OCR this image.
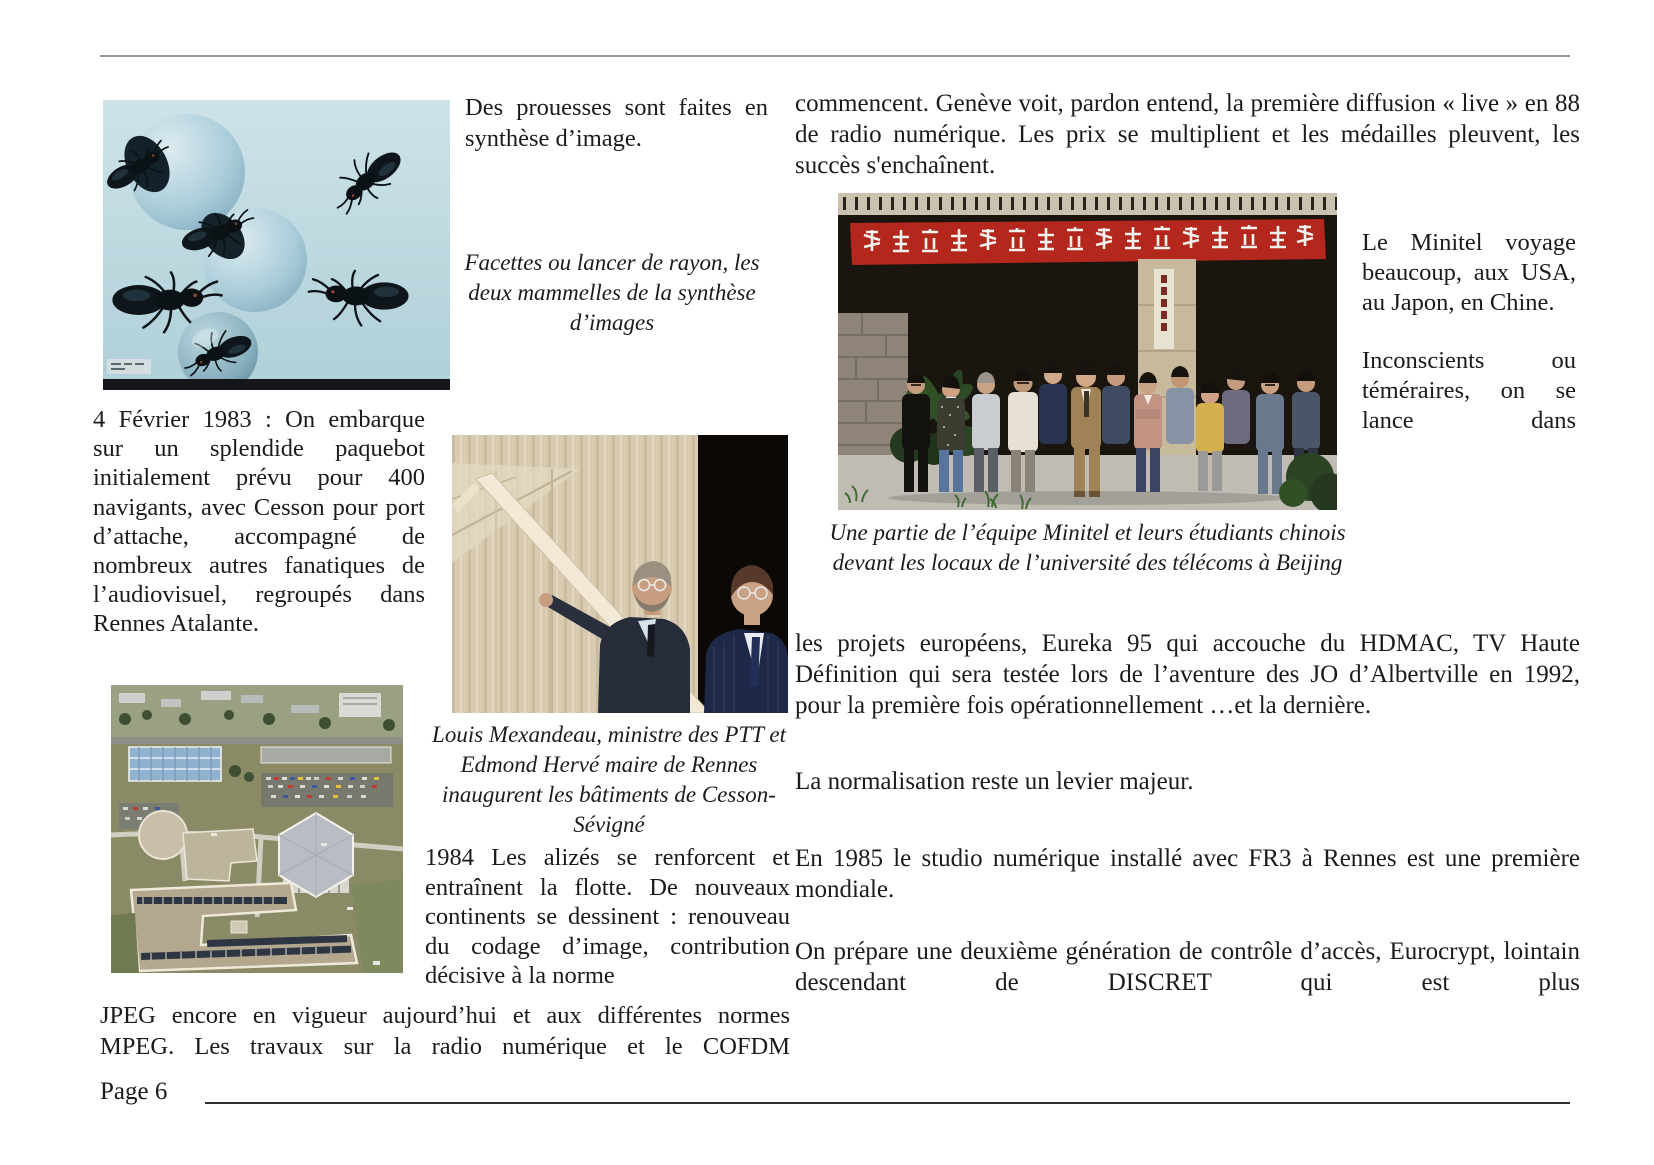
Des prouesses sont faites en synthèse d’image.
Facettes ou lancer de rayon, les deux mammelles de la synthèse d’images
4 Février 1983 : On embarque sur un splendide paquebot initialement prévu pour 400 navigants, avec Cesson pour port d’attache, accompagné de nombreux autres fanatiques de l’audiovisuel, regroupés dans Rennes Atalante.
Louis Mexandeau, ministre des PTT et Edmond Hervé maire de Rennes inaugurent les bâtiments de Cesson-Sévigné
1984 Les alizés se renforcent et entraînent la flotte. De nouveaux continents se dessinent : renouveau du codage d’image, contribution décisive à la norme
JPEG encore en vigueur aujourd’hui et aux différentes normes MPEG. Les travaux sur la radio numérique et le COFDM
commencent. Genève voit, pardon entend, la première diffusion « live » en 88 de radio numérique. Les prix se multiplient et les médailles pleuvent, les succès s'enchaînent.

Le Minitel voyage beaucoup, aux USA, au Japon, en Chine.

Inconscients ou téméraires, on se lance dans

Une partie de l’équipe Minitel et leurs étudiants chinois devant les locaux de l’université des télécoms à Beijing
les projets européens, Eureka 95 qui accouche du HDMAC, TV Haute Définition qui sera testée lors de l’aventure des JO d’Albertville en 1992, pour la première fois opérationnellement …et la dernière.
La normalisation reste un levier majeur.
En 1985 le studio numérique installé avec FR3 à Rennes est une première mondiale.
On prépare une deuxième génération de contrôle d’accès, Eurocrypt, lointain descendant de DISCRET qui est plus
Page 6
